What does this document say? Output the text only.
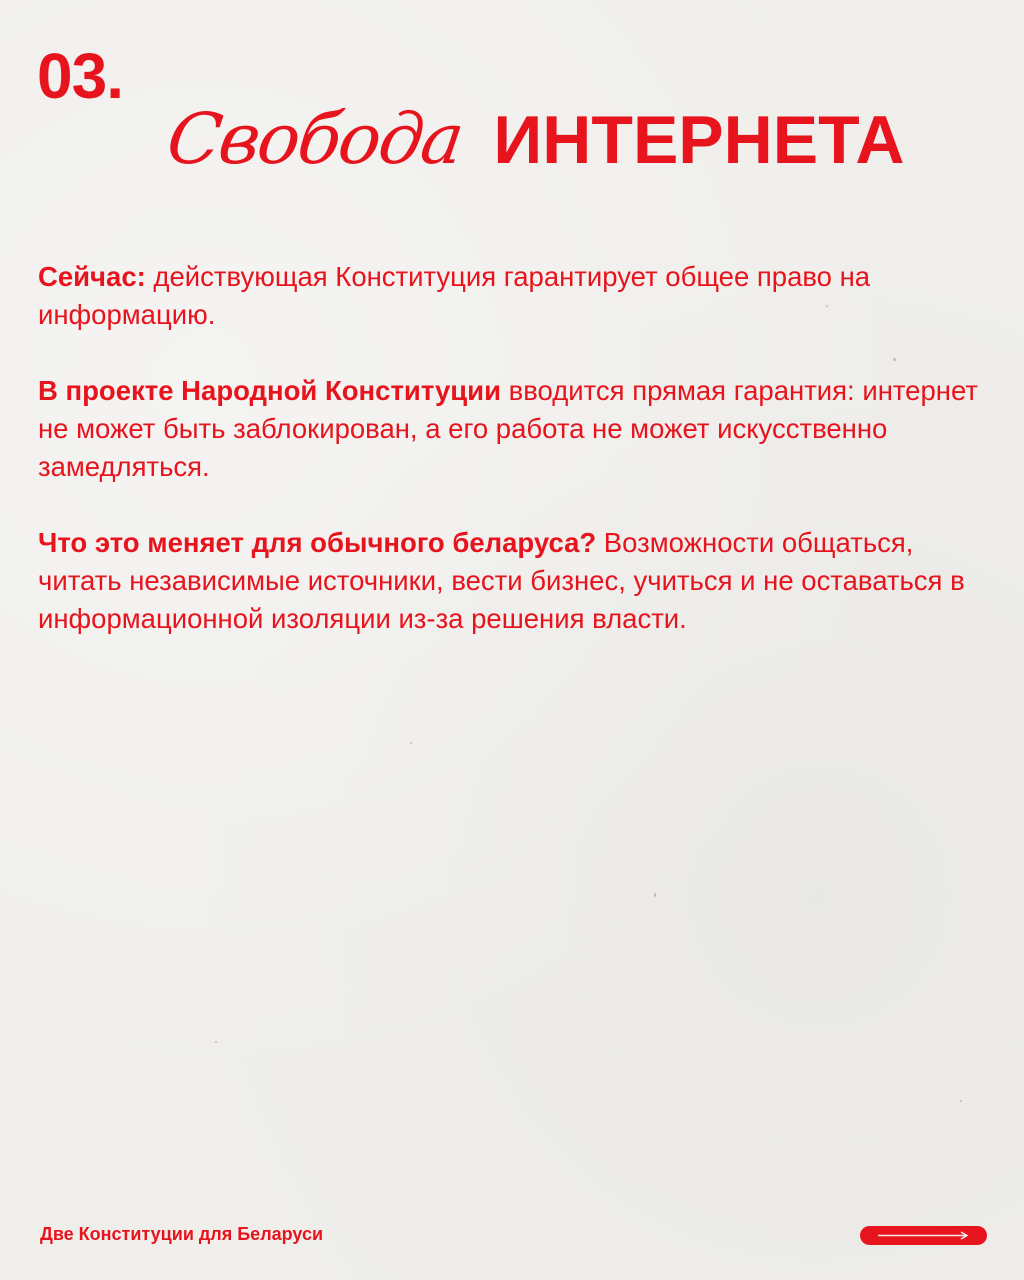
03.
Свобода ИНТЕРНЕТА

Сейчас: действующая Конституция гарантирует общее право на информацию.

В проекте Народной Конституции вводится прямая гарантия: интернет не может быть заблокирован, а его работа не может искусственно замедляться.

Что это меняет для обычного беларуса? Возможности общаться, читать независимые источники, вести бизнес, учиться и не оставаться в информационной изоляции из-за решения власти.

Две Конституции для Беларуси
